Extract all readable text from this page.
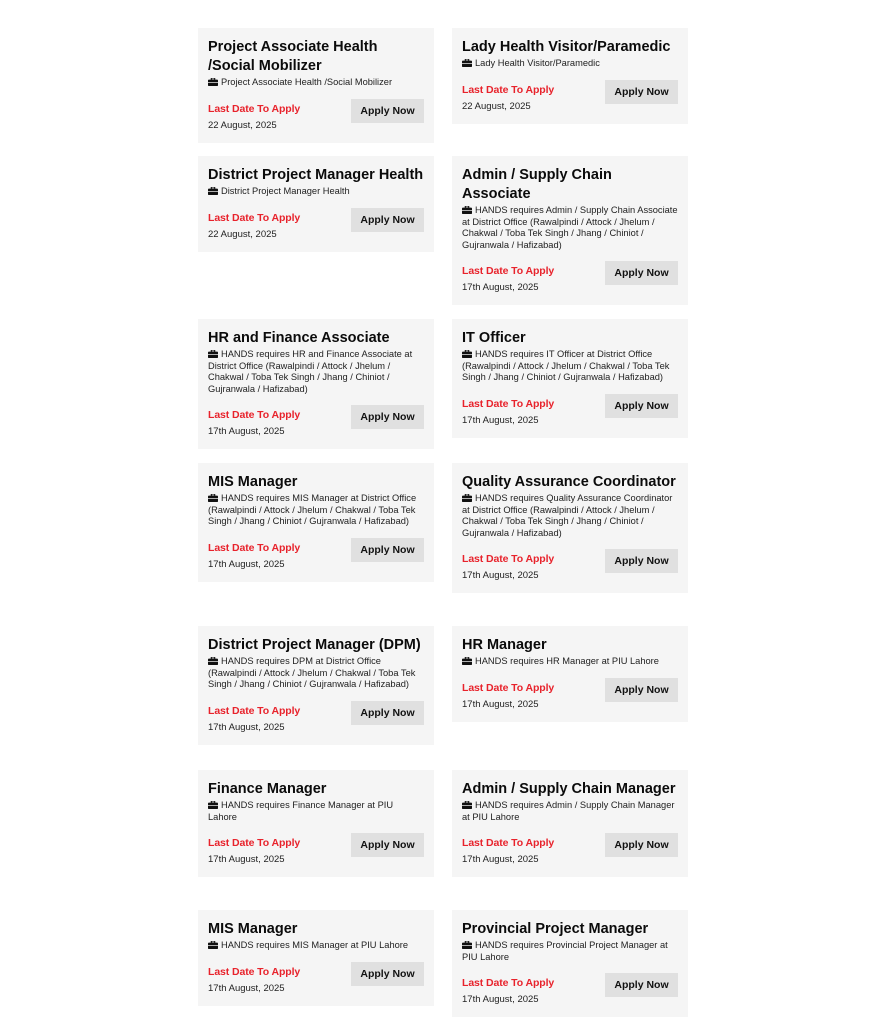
Project Associate Health /Social Mobilizer
Project Associate Health /Social Mobilizer
Last Date To Apply
22 August, 2025
Apply Now
Lady Health Visitor/Paramedic
Lady Health Visitor/Paramedic
Last Date To Apply
22 August, 2025
Apply Now
District Project Manager Health
District Project Manager Health
Last Date To Apply
22 August, 2025
Apply Now
Admin / Supply Chain Associate
HANDS requires Admin / Supply Chain Associate at District Office (Rawalpindi / Attock / Jhelum / Chakwal / Toba Tek Singh / Jhang / Chiniot / Gujranwala / Hafizabad)
Last Date To Apply
17th August, 2025
Apply Now
HR and Finance Associate
HANDS requires HR and Finance Associate at District Office (Rawalpindi / Attock / Jhelum / Chakwal / Toba Tek Singh / Jhang / Chiniot / Gujranwala / Hafizabad)
Last Date To Apply
17th August, 2025
Apply Now
IT Officer
HANDS requires IT Officer at District Office (Rawalpindi / Attock / Jhelum / Chakwal / Toba Tek Singh / Jhang / Chiniot / Gujranwala / Hafizabad)
Last Date To Apply
17th August, 2025
Apply Now
MIS Manager
HANDS requires MIS Manager at District Office (Rawalpindi / Attock / Jhelum / Chakwal / Toba Tek Singh / Jhang / Chiniot / Gujranwala / Hafizabad)
Last Date To Apply
17th August, 2025
Apply Now
Quality Assurance Coordinator
HANDS requires Quality Assurance Coordinator at District Office (Rawalpindi / Attock / Jhelum / Chakwal / Toba Tek Singh / Jhang / Chiniot / Gujranwala / Hafizabad)
Last Date To Apply
17th August, 2025
Apply Now
District Project Manager (DPM)
HANDS requires DPM at District Office (Rawalpindi / Attock / Jhelum / Chakwal / Toba Tek Singh / Jhang / Chiniot / Gujranwala / Hafizabad)
Last Date To Apply
17th August, 2025
Apply Now
HR Manager
HANDS requires HR Manager at PIU Lahore
Last Date To Apply
17th August, 2025
Apply Now
Finance Manager
HANDS requires Finance Manager at PIU Lahore
Last Date To Apply
17th August, 2025
Apply Now
Admin / Supply Chain Manager
HANDS requires Admin / Supply Chain Manager at PIU Lahore
Last Date To Apply
17th August, 2025
Apply Now
MIS Manager
HANDS requires MIS Manager at PIU Lahore
Last Date To Apply
17th August, 2025
Apply Now
Provincial Project Manager
HANDS requires Provincial Project Manager at PIU Lahore
Last Date To Apply
17th August, 2025
Apply Now
